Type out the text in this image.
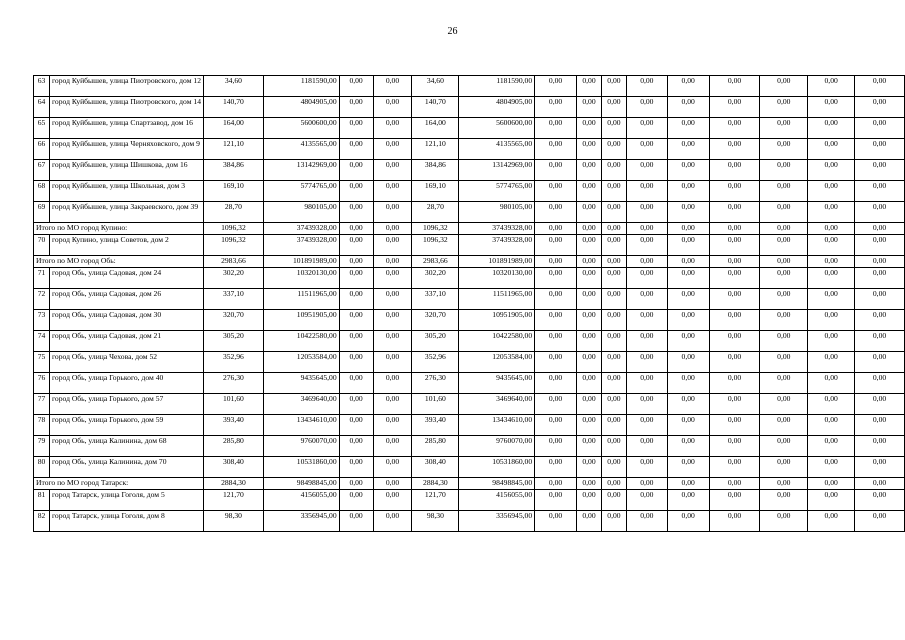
26
63	город Куйбышев, улица Пиотровского, дом 12	34,60	1181590,00	0,00	0,00	34,60	1181590,00	0,00	0,00	0,00	0,00	0,00	0,00	0,00	0,00	0,00
64	город Куйбышев, улица Пиотровского, дом 14	140,70	4804905,00	0,00	0,00	140,70	4804905,00	0,00	0,00	0,00	0,00	0,00	0,00	0,00	0,00	0,00
65	город Куйбышев, улица Спартзавод, дом 16	164,00	5600600,00	0,00	0,00	164,00	5600600,00	0,00	0,00	0,00	0,00	0,00	0,00	0,00	0,00	0,00
66	город Куйбышев, улица Черняховского, дом 9	121,10	4135565,00	0,00	0,00	121,10	4135565,00	0,00	0,00	0,00	0,00	0,00	0,00	0,00	0,00	0,00
67	город Куйбышев, улица Шишкова, дом 16	384,86	13142969,00	0,00	0,00	384,86	13142969,00	0,00	0,00	0,00	0,00	0,00	0,00	0,00	0,00	0,00
68	город Куйбышев, улица Школьная, дом 3	169,10	5774765,00	0,00	0,00	169,10	5774765,00	0,00	0,00	0,00	0,00	0,00	0,00	0,00	0,00	0,00
69	город Куйбышев, улица Закраевского, дом 39	28,70	980105,00	0,00	0,00	28,70	980105,00	0,00	0,00	0,00	0,00	0,00	0,00	0,00	0,00	0,00
Итого по МО город Купино:		1096,32	37439328,00	0,00	0,00	1096,32	37439328,00	0,00	0,00	0,00	0,00	0,00	0,00	0,00	0,00	0,00
70	город Купино, улица Советов, дом 2	1096,32	37439328,00	0,00	0,00	1096,32	37439328,00	0,00	0,00	0,00	0,00	0,00	0,00	0,00	0,00	0,00
Итого по МО город Обь:		2983,66	101891989,00	0,00	0,00	2983,66	101891989,00	0,00	0,00	0,00	0,00	0,00	0,00	0,00	0,00	0,00
71	город Обь, улица Садовая, дом 24	302,20	10320130,00	0,00	0,00	302,20	10320130,00	0,00	0,00	0,00	0,00	0,00	0,00	0,00	0,00	0,00
72	город Обь, улица Садовая, дом 26	337,10	11511965,00	0,00	0,00	337,10	11511965,00	0,00	0,00	0,00	0,00	0,00	0,00	0,00	0,00	0,00
73	город Обь, улица Садовая, дом 30	320,70	10951905,00	0,00	0,00	320,70	10951905,00	0,00	0,00	0,00	0,00	0,00	0,00	0,00	0,00	0,00
74	город Обь, улица Садовая, дом 21	305,20	10422580,00	0,00	0,00	305,20	10422580,00	0,00	0,00	0,00	0,00	0,00	0,00	0,00	0,00	0,00
75	город Обь, улица Чехова, дом 52	352,96	12053584,00	0,00	0,00	352,96	12053584,00	0,00	0,00	0,00	0,00	0,00	0,00	0,00	0,00	0,00
76	город Обь, улица Горького, дом 40	276,30	9435645,00	0,00	0,00	276,30	9435645,00	0,00	0,00	0,00	0,00	0,00	0,00	0,00	0,00	0,00
77	город Обь, улица Горького, дом 57	101,60	3469640,00	0,00	0,00	101,60	3469640,00	0,00	0,00	0,00	0,00	0,00	0,00	0,00	0,00	0,00
78	город Обь, улица Горького, дом 59	393,40	13434610,00	0,00	0,00	393,40	13434610,00	0,00	0,00	0,00	0,00	0,00	0,00	0,00	0,00	0,00
79	город Обь, улица Калинина, дом 68	285,80	9760070,00	0,00	0,00	285,80	9760070,00	0,00	0,00	0,00	0,00	0,00	0,00	0,00	0,00	0,00
80	город Обь, улица Калинина, дом 70	308,40	10531860,00	0,00	0,00	308,40	10531860,00	0,00	0,00	0,00	0,00	0,00	0,00	0,00	0,00	0,00
Итого по МО город Татарск:		2884,30	98498845,00	0,00	0,00	2884,30	98498845,00	0,00	0,00	0,00	0,00	0,00	0,00	0,00	0,00	0,00
81	город Татарск, улица Гоголя, дом 5	121,70	4156055,00	0,00	0,00	121,70	4156055,00	0,00	0,00	0,00	0,00	0,00	0,00	0,00	0,00	0,00
82	город Татарск, улица Гоголя, дом 8	98,30	3356945,00	0,00	0,00	98,30	3356945,00	0,00	0,00	0,00	0,00	0,00	0,00	0,00	0,00	0,00
